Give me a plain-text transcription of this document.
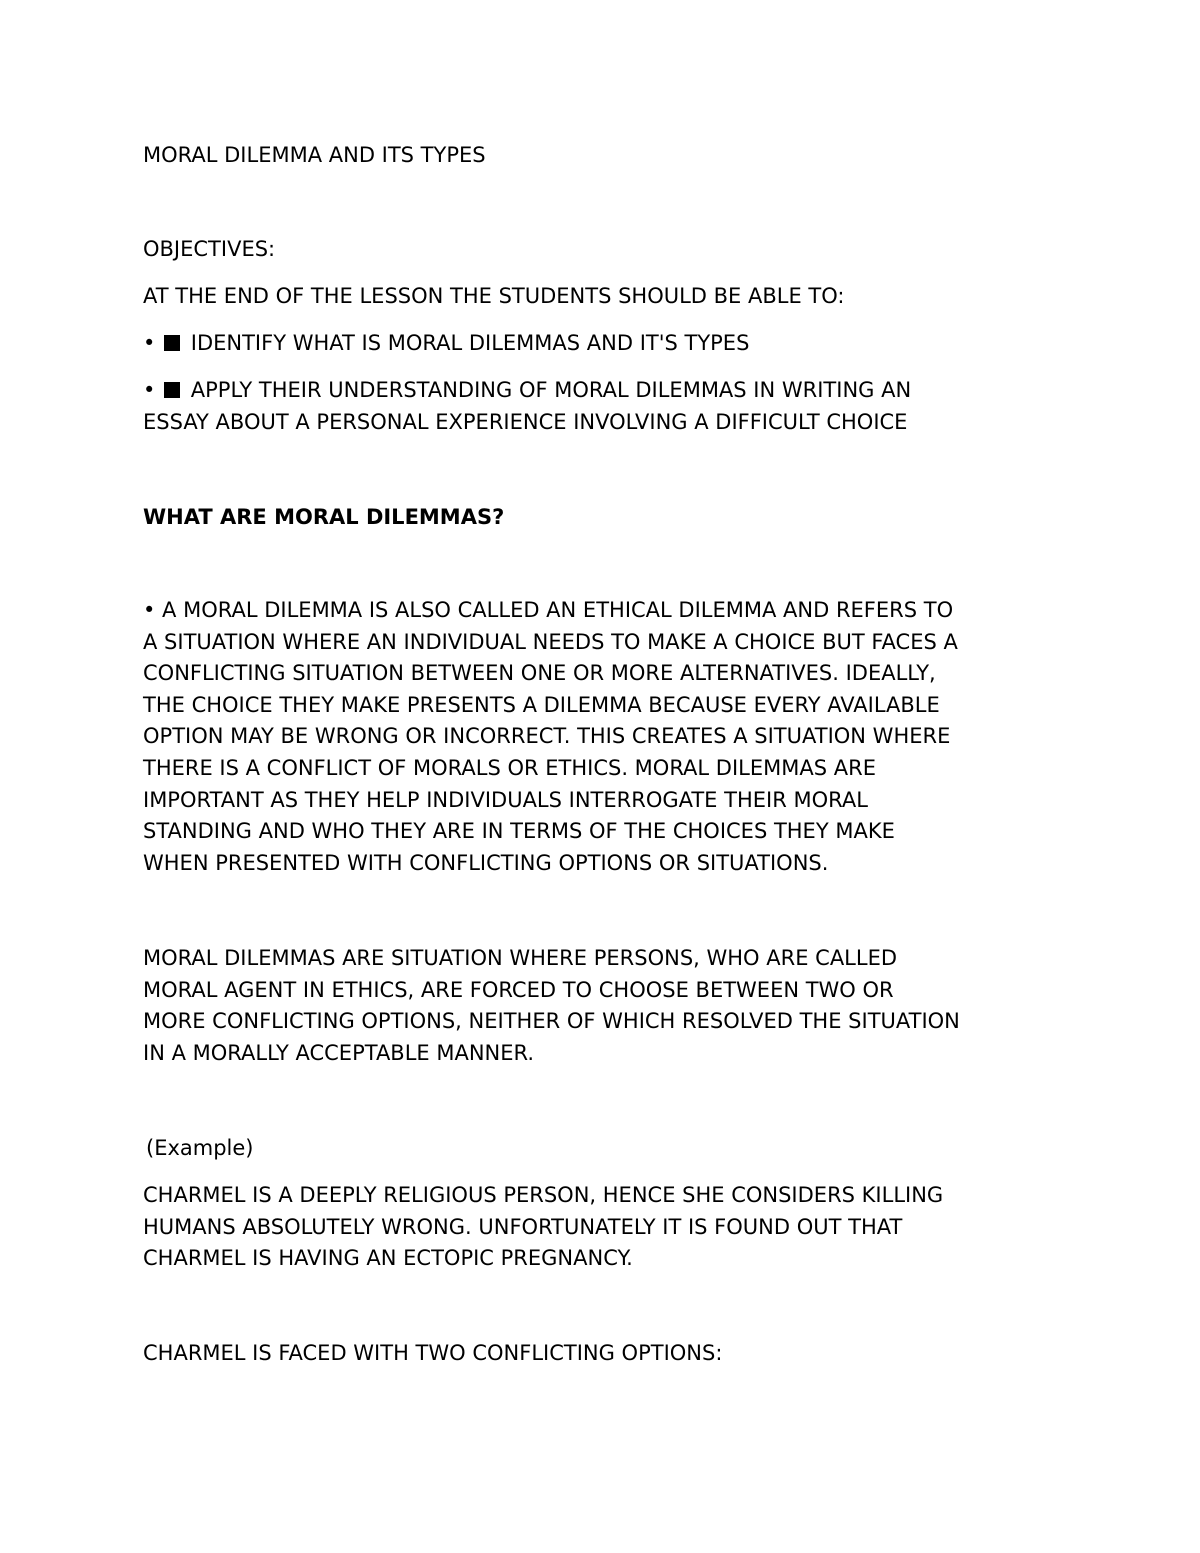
MORAL DILEMMA AND ITS TYPES

OBJECTIVES:

AT THE END OF THE LESSON THE STUDENTS SHOULD BE ABLE TO:

• IDENTIFY WHAT IS MORAL DILEMMAS AND IT'S TYPES

• APPLY THEIR UNDERSTANDING OF MORAL DILEMMAS IN WRITING AN
ESSAY ABOUT A PERSONAL EXPERIENCE INVOLVING A DIFFICULT CHOICE

WHAT ARE MORAL DILEMMAS?

• A MORAL DILEMMA IS ALSO CALLED AN ETHICAL DILEMMA AND REFERS TO
A SITUATION WHERE AN INDIVIDUAL NEEDS TO MAKE A CHOICE BUT FACES A
CONFLICTING SITUATION BETWEEN ONE OR MORE ALTERNATIVES. IDEALLY,
THE CHOICE THEY MAKE PRESENTS A DILEMMA BECAUSE EVERY AVAILABLE
OPTION MAY BE WRONG OR INCORRECT. THIS CREATES A SITUATION WHERE
THERE IS A CONFLICT OF MORALS OR ETHICS. MORAL DILEMMAS ARE
IMPORTANT AS THEY HELP INDIVIDUALS INTERROGATE THEIR MORAL
STANDING AND WHO THEY ARE IN TERMS OF THE CHOICES THEY MAKE
WHEN PRESENTED WITH CONFLICTING OPTIONS OR SITUATIONS.
MORAL DILEMMAS ARE SITUATION WHERE PERSONS, WHO ARE CALLED
MORAL AGENT IN ETHICS, ARE FORCED TO CHOOSE BETWEEN TWO OR
MORE CONFLICTING OPTIONS, NEITHER OF WHICH RESOLVED THE SITUATION
IN A MORALLY ACCEPTABLE MANNER.

(Example)

CHARMEL IS A DEEPLY RELIGIOUS PERSON, HENCE SHE CONSIDERS KILLING
HUMANS ABSOLUTELY WRONG. UNFORTUNATELY IT IS FOUND OUT THAT
CHARMEL IS HAVING AN ECTOPIC PREGNANCY.

CHARMEL IS FACED WITH TWO CONFLICTING OPTIONS:
